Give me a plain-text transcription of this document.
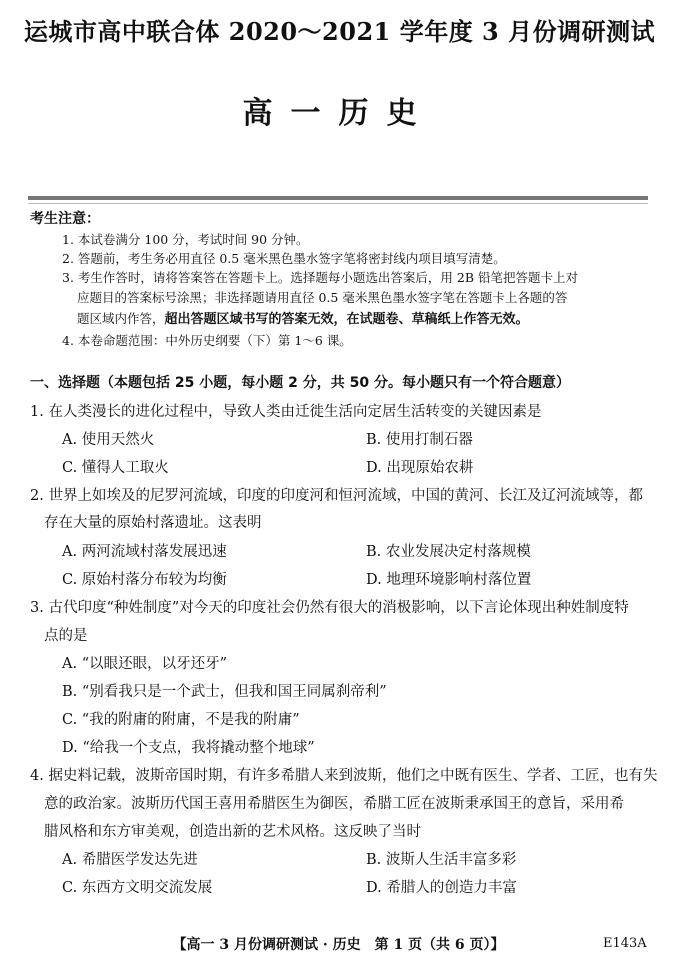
运城市高中联合体 2020～2021 学年度 3 月份调研测试
高一历史
考生注意：
1. 本试卷满分 100 分，考试时间 90 分钟。
2. 答题前，考生务必用直径 0.5 毫米黑色墨水签字笔将密封线内项目填写清楚。
3. 考生作答时，请将答案答在答题卡上。选择题每小题选出答案后，用 2B 铅笔把答题卡上对
应题目的答案标号涂黑；非选择题请用直径 0.5 毫米黑色墨水签字笔在答题卡上各题的答
题区域内作答，超出答题区域书写的答案无效，在试题卷、草稿纸上作答无效。
4. 本卷命题范围：中外历史纲要（下）第 1～6 课。
一、选择题（本题包括 25 小题，每小题 2 分，共 50 分。每小题只有一个符合题意）
1. 在人类漫长的进化过程中，导致人类由迁徙生活向定居生活转变的关键因素是
A. 使用天然火	B. 使用打制石器
C. 懂得人工取火	D. 出现原始农耕
2. 世界上如埃及的尼罗河流域，印度的印度河和恒河流域，中国的黄河、长江及辽河流域等，都
存在大量的原始村落遗址。这表明
A. 两河流域村落发展迅速	B. 农业发展决定村落规模
C. 原始村落分布较为均衡	D. 地理环境影响村落位置
3. 古代印度“种姓制度”对今天的印度社会仍然有很大的消极影响，以下言论体现出种姓制度特
点的是
A. “以眼还眼，以牙还牙”
B. “别看我只是一个武士，但我和国王同属刹帝利”
C. “我的附庸的附庸，不是我的附庸”
D. “给我一个支点，我将撬动整个地球”
4. 据史料记载，波斯帝国时期，有许多希腊人来到波斯，他们之中既有医生、学者、工匠，也有失
意的政治家。波斯历代国王喜用希腊医生为御医，希腊工匠在波斯秉承国王的意旨，采用希
腊风格和东方审美观，创造出新的艺术风格。这反映了当时
A. 希腊医学发达先进	B. 波斯人生活丰富多彩
C. 东西方文明交流发展	D. 希腊人的创造力丰富
【高一 3 月份调研测试 · 历史　第 1 页（共 6 页）】	E143A
